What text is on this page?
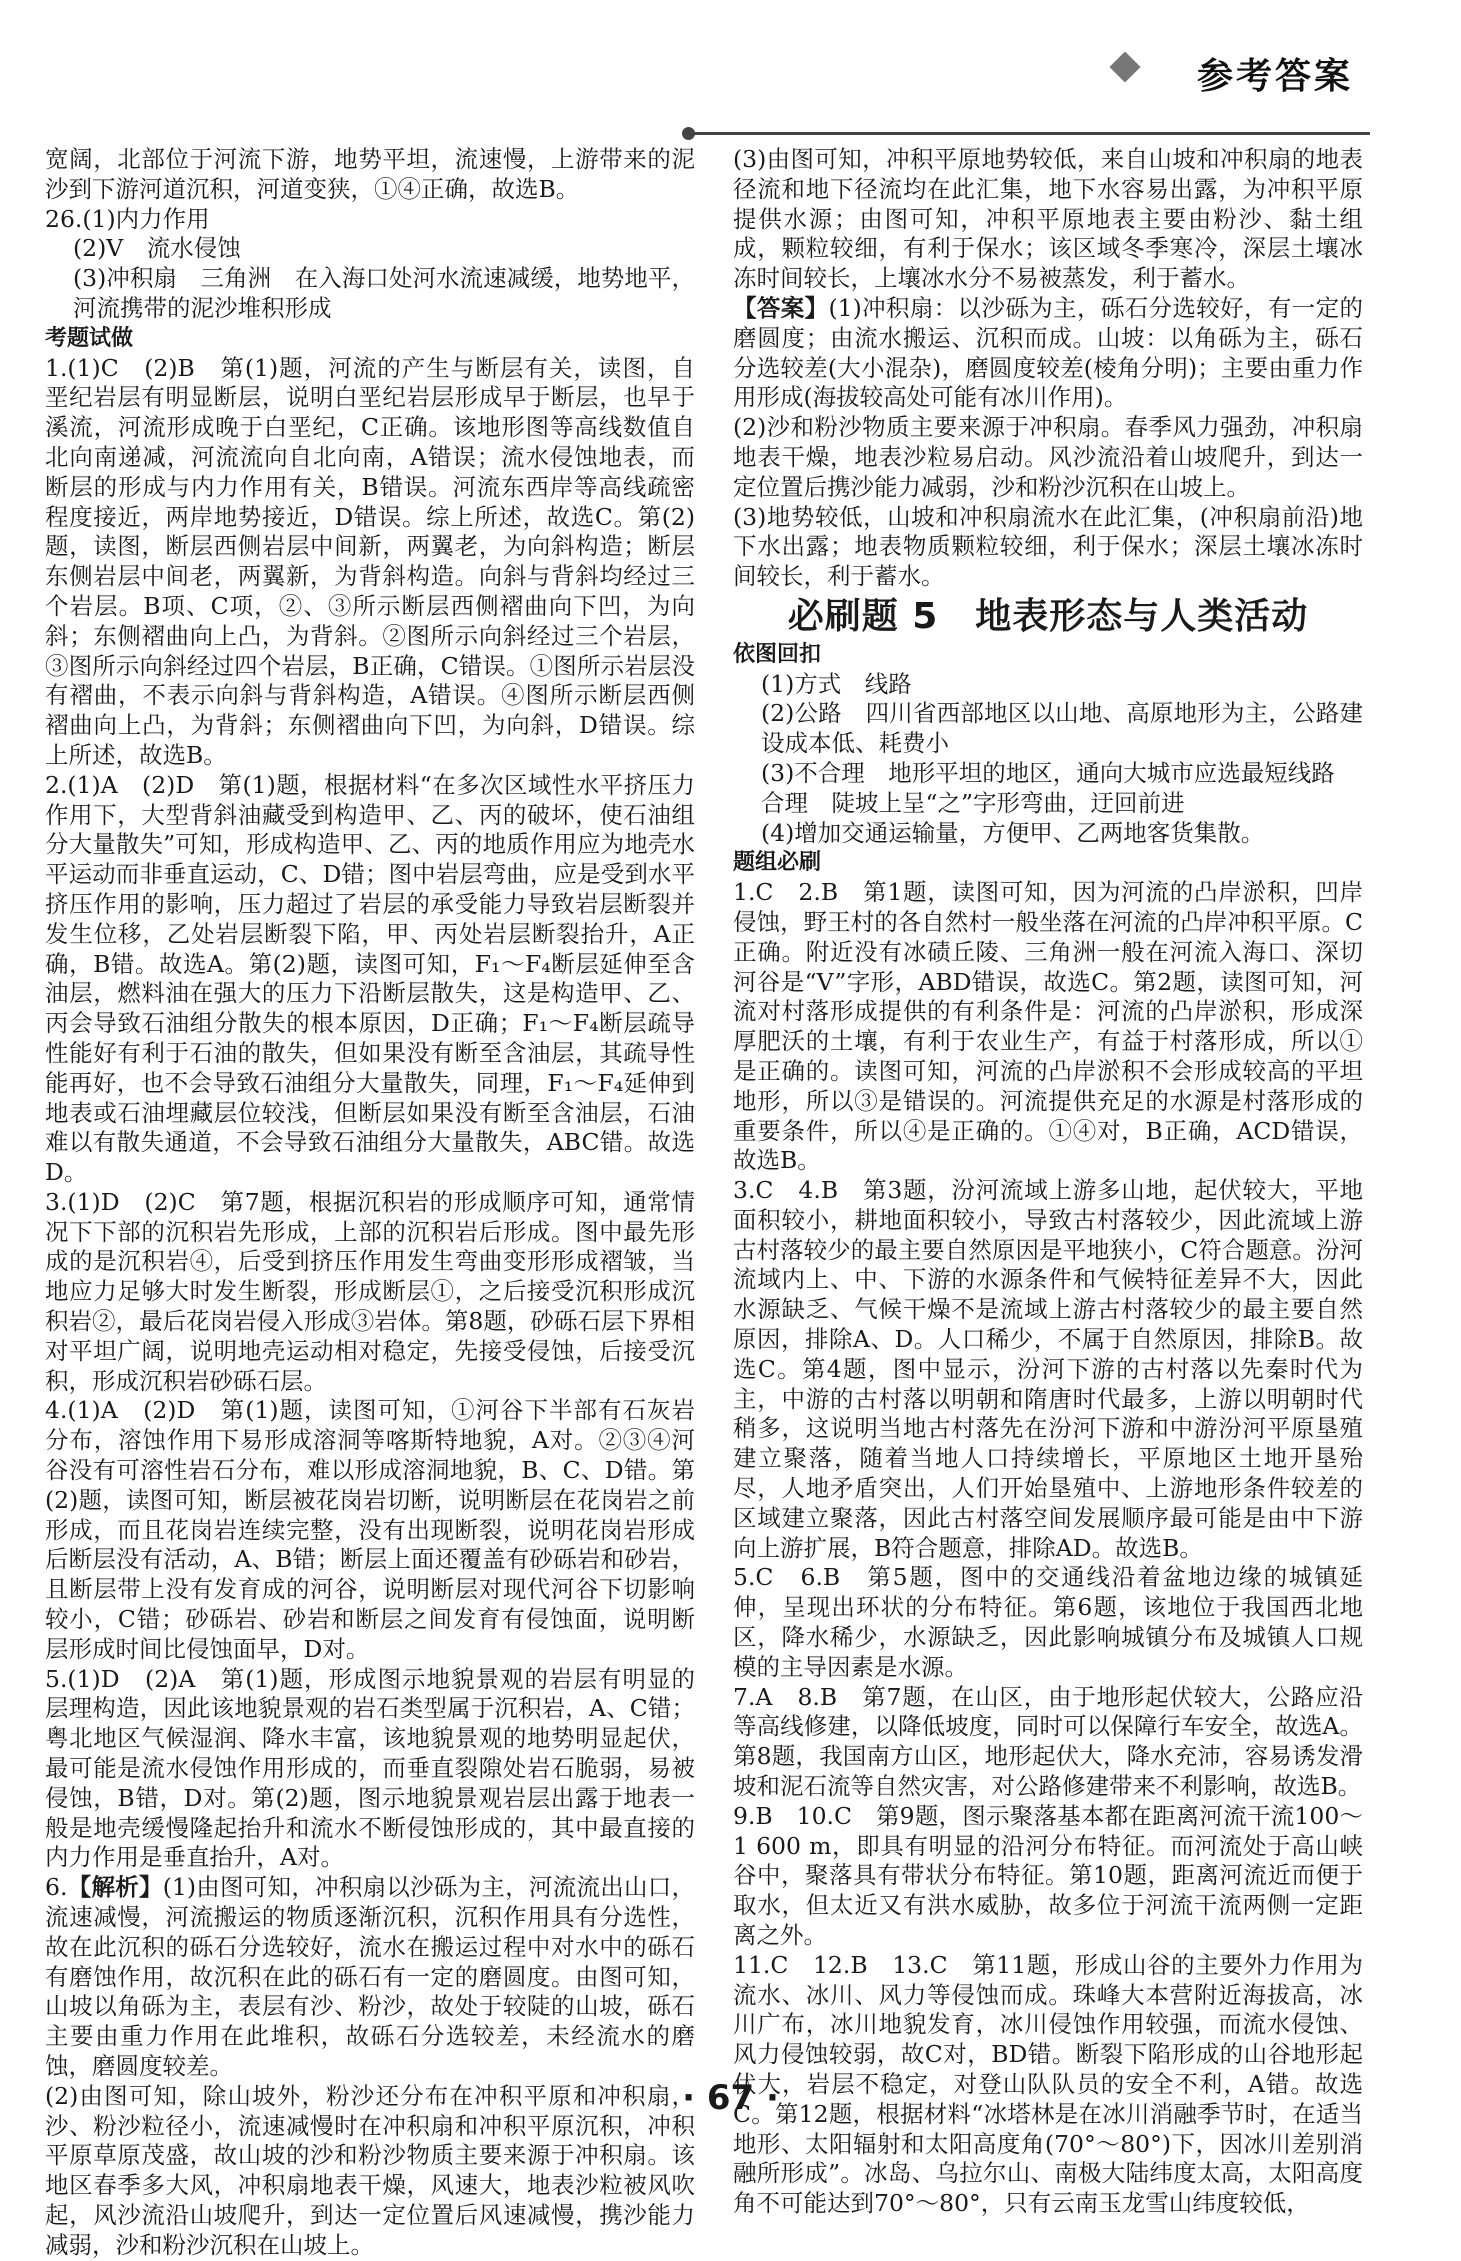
参考答案

宽阔，北部位于河流下游，地势平坦，流速慢，上游带来的泥沙到下游河道沉积，河道变狭，①④正确，故选B。

26.(1)内力作用

(2)V　流水侵蚀

(3)冲积扇　三角洲　在入海口处河水流速减缓，地势地平，河流携带的泥沙堆积形成

考题试做

1.(1)C　(2)B　第(1)题，河流的产生与断层有关，读图，自垩纪岩层有明显断层，说明白垩纪岩层形成早于断层，也早于溪流，河流形成晚于白垩纪，C正确。该地形图等高线数值自北向南递减，河流流向自北向南，A错误；流水侵蚀地表，而断层的形成与内力作用有关，B错误。河流东西岸等高线疏密程度接近，两岸地势接近，D错误。综上所述，故选C。第(2)题，读图，断层西侧岩层中间新，两翼老，为向斜构造；断层东侧岩层中间老，两翼新，为背斜构造。向斜与背斜均经过三个岩层。B项、C项，②、③所示断层西侧褶曲向下凹，为向斜；东侧褶曲向上凸，为背斜。②图所示向斜经过三个岩层，③图所示向斜经过四个岩层，B正确，C错误。①图所示岩层没有褶曲，不表示向斜与背斜构造，A错误。④图所示断层西侧褶曲向上凸，为背斜；东侧褶曲向下凹，为向斜，D错误。综上所述，故选B。

2.(1)A　(2)D　第(1)题，根据材料“在多次区域性水平挤压力作用下，大型背斜油藏受到构造甲、乙、丙的破坏，使石油组分大量散失”可知，形成构造甲、乙、丙的地质作用应为地壳水平运动而非垂直运动，C、D错；图中岩层弯曲，应是受到水平挤压作用的影响，压力超过了岩层的承受能力导致岩层断裂并发生位移，乙处岩层断裂下陷，甲、丙处岩层断裂抬升，A正确，B错。故选A。第(2)题，读图可知，F₁～F₄断层延伸至含油层，燃料油在强大的压力下沿断层散失，这是构造甲、乙、丙会导致石油组分散失的根本原因，D正确；F₁～F₄断层疏导性能好有利于石油的散失，但如果没有断至含油层，其疏导性能再好，也不会导致石油组分大量散失，同理，F₁～F₄延伸到地表或石油埋藏层位较浅，但断层如果没有断至含油层，石油难以有散失通道，不会导致石油组分大量散失，ABC错。故选D。

3.(1)D　(2)C　第7题，根据沉积岩的形成顺序可知，通常情况下下部的沉积岩先形成，上部的沉积岩后形成。图中最先形成的是沉积岩④，后受到挤压作用发生弯曲变形形成褶皱，当地应力足够大时发生断裂，形成断层①，之后接受沉积形成沉积岩②，最后花岗岩侵入形成③岩体。第8题，砂砾石层下界相对平坦广阔，说明地壳运动相对稳定，先接受侵蚀，后接受沉积，形成沉积岩砂砾石层。

4.(1)A　(2)D　第(1)题，读图可知，①河谷下半部有石灰岩分布，溶蚀作用下易形成溶洞等喀斯特地貌，A对。②③④河谷没有可溶性岩石分布，难以形成溶洞地貌，B、C、D错。第(2)题，读图可知，断层被花岗岩切断，说明断层在花岗岩之前形成，而且花岗岩连续完整，没有出现断裂，说明花岗岩形成后断层没有活动，A、B错；断层上面还覆盖有砂砾岩和砂岩，且断层带上没有发育成的河谷，说明断层对现代河谷下切影响较小，C错；砂砾岩、砂岩和断层之间发育有侵蚀面，说明断层形成时间比侵蚀面早，D对。

5.(1)D　(2)A　第(1)题，形成图示地貌景观的岩层有明显的层理构造，因此该地貌景观的岩石类型属于沉积岩，A、C错；粤北地区气候湿润、降水丰富，该地貌景观的地势明显起伏，最可能是流水侵蚀作用形成的，而垂直裂隙处岩石脆弱，易被侵蚀，B错，D对。第(2)题，图示地貌景观岩层出露于地表一般是地壳缓慢隆起抬升和流水不断侵蚀形成的，其中最直接的内力作用是垂直抬升，A对。

6.【解析】(1)由图可知，冲积扇以沙砾为主，河流流出山口，流速减慢，河流搬运的物质逐渐沉积，沉积作用具有分选性，故在此沉积的砾石分选较好，流水在搬运过程中对水中的砾石有磨蚀作用，故沉积在此的砾石有一定的磨圆度。由图可知，山坡以角砾为主，表层有沙、粉沙，故处于较陡的山坡，砾石主要由重力作用在此堆积，故砾石分选较差，未经流水的磨蚀，磨圆度较差。

(2)由图可知，除山坡外，粉沙还分布在冲积平原和冲积扇，沙、粉沙粒径小，流速减慢时在冲积扇和冲积平原沉积，冲积平原草原茂盛，故山坡的沙和粉沙物质主要来源于冲积扇。该地区春季多大风，冲积扇地表干燥，风速大，地表沙粒被风吹起，风沙流沿山坡爬升，到达一定位置后风速减慢，携沙能力减弱，沙和粉沙沉积在山坡上。

(3)由图可知，冲积平原地势较低，来自山坡和冲积扇的地表径流和地下径流均在此汇集，地下水容易出露，为冲积平原提供水源；由图可知，冲积平原地表主要由粉沙、黏土组成，颗粒较细，有利于保水；该区域冬季寒冷，深层土壤冰冻时间较长，上壤冰水分不易被蒸发，利于蓄水。

【答案】(1)冲积扇：以沙砾为主，砾石分选较好，有一定的磨圆度；由流水搬运、沉积而成。山坡：以角砾为主，砾石分选较差(大小混杂)，磨圆度较差(棱角分明)；主要由重力作用形成(海拔较高处可能有冰川作用)。

(2)沙和粉沙物质主要来源于冲积扇。春季风力强劲，冲积扇地表干燥，地表沙粒易启动。风沙流沿着山坡爬升，到达一定位置后携沙能力减弱，沙和粉沙沉积在山坡上。

(3)地势较低，山坡和冲积扇流水在此汇集，(冲积扇前沿)地下水出露；地表物质颗粒较细，利于保水；深层土壤冰冻时间较长，利于蓄水。

必刷题 5　地表形态与人类活动

依图回扣

(1)方式　线路

(2)公路　四川省西部地区以山地、高原地形为主，公路建设成本低、耗费小

(3)不合理　地形平坦的地区，通向大城市应选最短线路

合理　陡坡上呈“之”字形弯曲，迂回前进

(4)增加交通运输量，方便甲、乙两地客货集散。

题组必刷

1.C　2.B　第1题，读图可知，因为河流的凸岸淤积，凹岸侵蚀，野王村的各自然村一般坐落在河流的凸岸冲积平原。C正确。附近没有冰碛丘陵、三角洲一般在河流入海口、深切河谷是“V”字形，ABD错误，故选C。第2题，读图可知，河流对村落形成提供的有利条件是：河流的凸岸淤积，形成深厚肥沃的土壤，有利于农业生产，有益于村落形成，所以①是正确的。读图可知，河流的凸岸淤积不会形成较高的平坦地形，所以③是错误的。河流提供充足的水源是村落形成的重要条件，所以④是正确的。①④对，B正确，ACD错误，故选B。

3.C　4.B　第3题，汾河流域上游多山地，起伏较大，平地面积较小，耕地面积较小，导致古村落较少，因此流域上游古村落较少的最主要自然原因是平地狭小，C符合题意。汾河流域内上、中、下游的水源条件和气候特征差异不大，因此水源缺乏、气候干燥不是流域上游古村落较少的最主要自然原因，排除A、D。人口稀少，不属于自然原因，排除B。故选C。第4题，图中显示，汾河下游的古村落以先秦时代为主，中游的古村落以明朝和隋唐时代最多，上游以明朝时代稍多，这说明当地古村落先在汾河下游和中游汾河平原垦殖建立聚落，随着当地人口持续增长，平原地区土地开垦殆尽，人地矛盾突出，人们开始垦殖中、上游地形条件较差的区域建立聚落，因此古村落空间发展顺序最可能是由中下游向上游扩展，B符合题意，排除AD。故选B。

5.C　6.B　第5题，图中的交通线沿着盆地边缘的城镇延伸，呈现出环状的分布特征。第6题，该地位于我国西北地区，降水稀少，水源缺乏，因此影响城镇分布及城镇人口规模的主导因素是水源。

7.A　8.B　第7题，在山区，由于地形起伏较大，公路应沿等高线修建，以降低坡度，同时可以保障行车安全，故选A。第8题，我国南方山区，地形起伏大，降水充沛，容易诱发滑坡和泥石流等自然灾害，对公路修建带来不利影响，故选B。

9.B　10.C　第9题，图示聚落基本都在距离河流干流100～1 600 m，即具有明显的沿河分布特征。而河流处于高山峡谷中，聚落具有带状分布特征。第10题，距离河流近而便于取水，但太近又有洪水威胁，故多位于河流干流两侧一定距离之外。

11.C　12.B　13.C　第11题，形成山谷的主要外力作用为流水、冰川、风力等侵蚀而成。珠峰大本营附近海拔高，冰川广布，冰川地貌发育，冰川侵蚀作用较强，而流水侵蚀、风力侵蚀较弱，故C对，BD错。断裂下陷形成的山谷地形起伏大，岩层不稳定，对登山队队员的安全不利，A错。故选C。第12题，根据材料“冰塔林是在冰川消融季节时，在适当地形、太阳辐射和太阳高度角(70°～80°)下，因冰川差别消融所形成”。冰岛、乌拉尔山、南极大陆纬度太高，太阳高度角不可能达到70°～80°，只有云南玉龙雪山纬度较低，

· 67 ·
